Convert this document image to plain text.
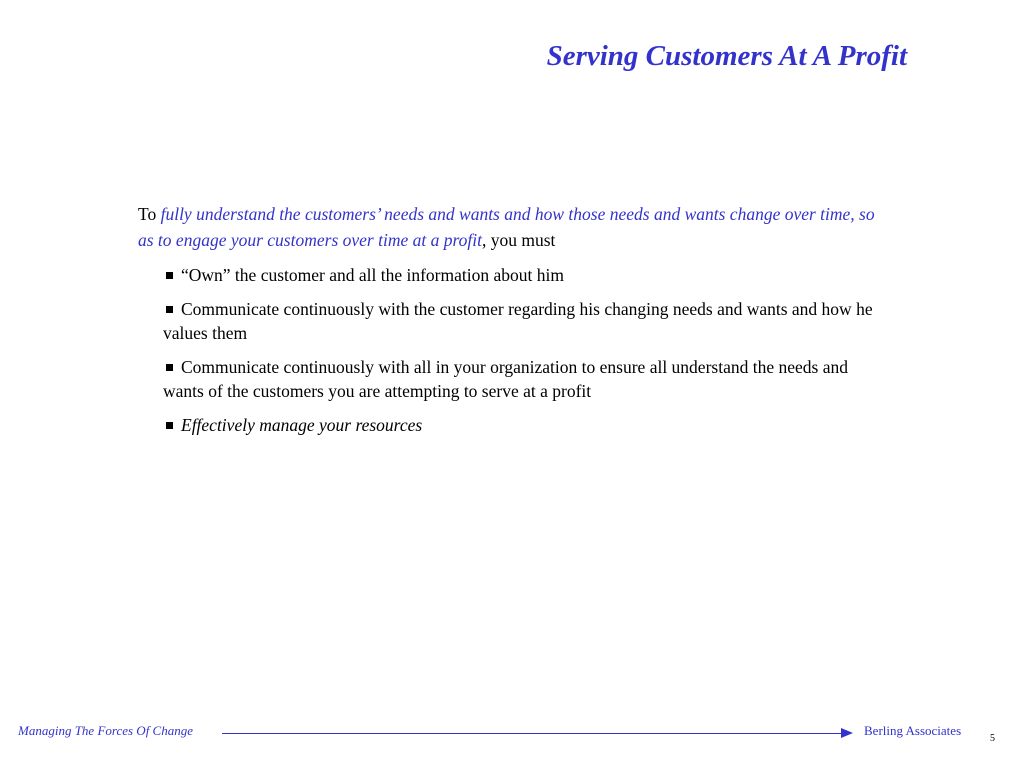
Serving Customers At A Profit

To fully understand the customers’ needs and wants and how those needs and wants change over time, so as to engage your customers over time at a profit, you must

“Own” the customer and all the information about him
Communicate continuously with the customer regarding his changing needs and wants and how he values them
Communicate continuously with all in your organization to ensure all understand the needs and wants of the customers you are attempting to serve at a profit
Effectively manage your resources
Managing The Forces Of Change	Berling Associates
5
